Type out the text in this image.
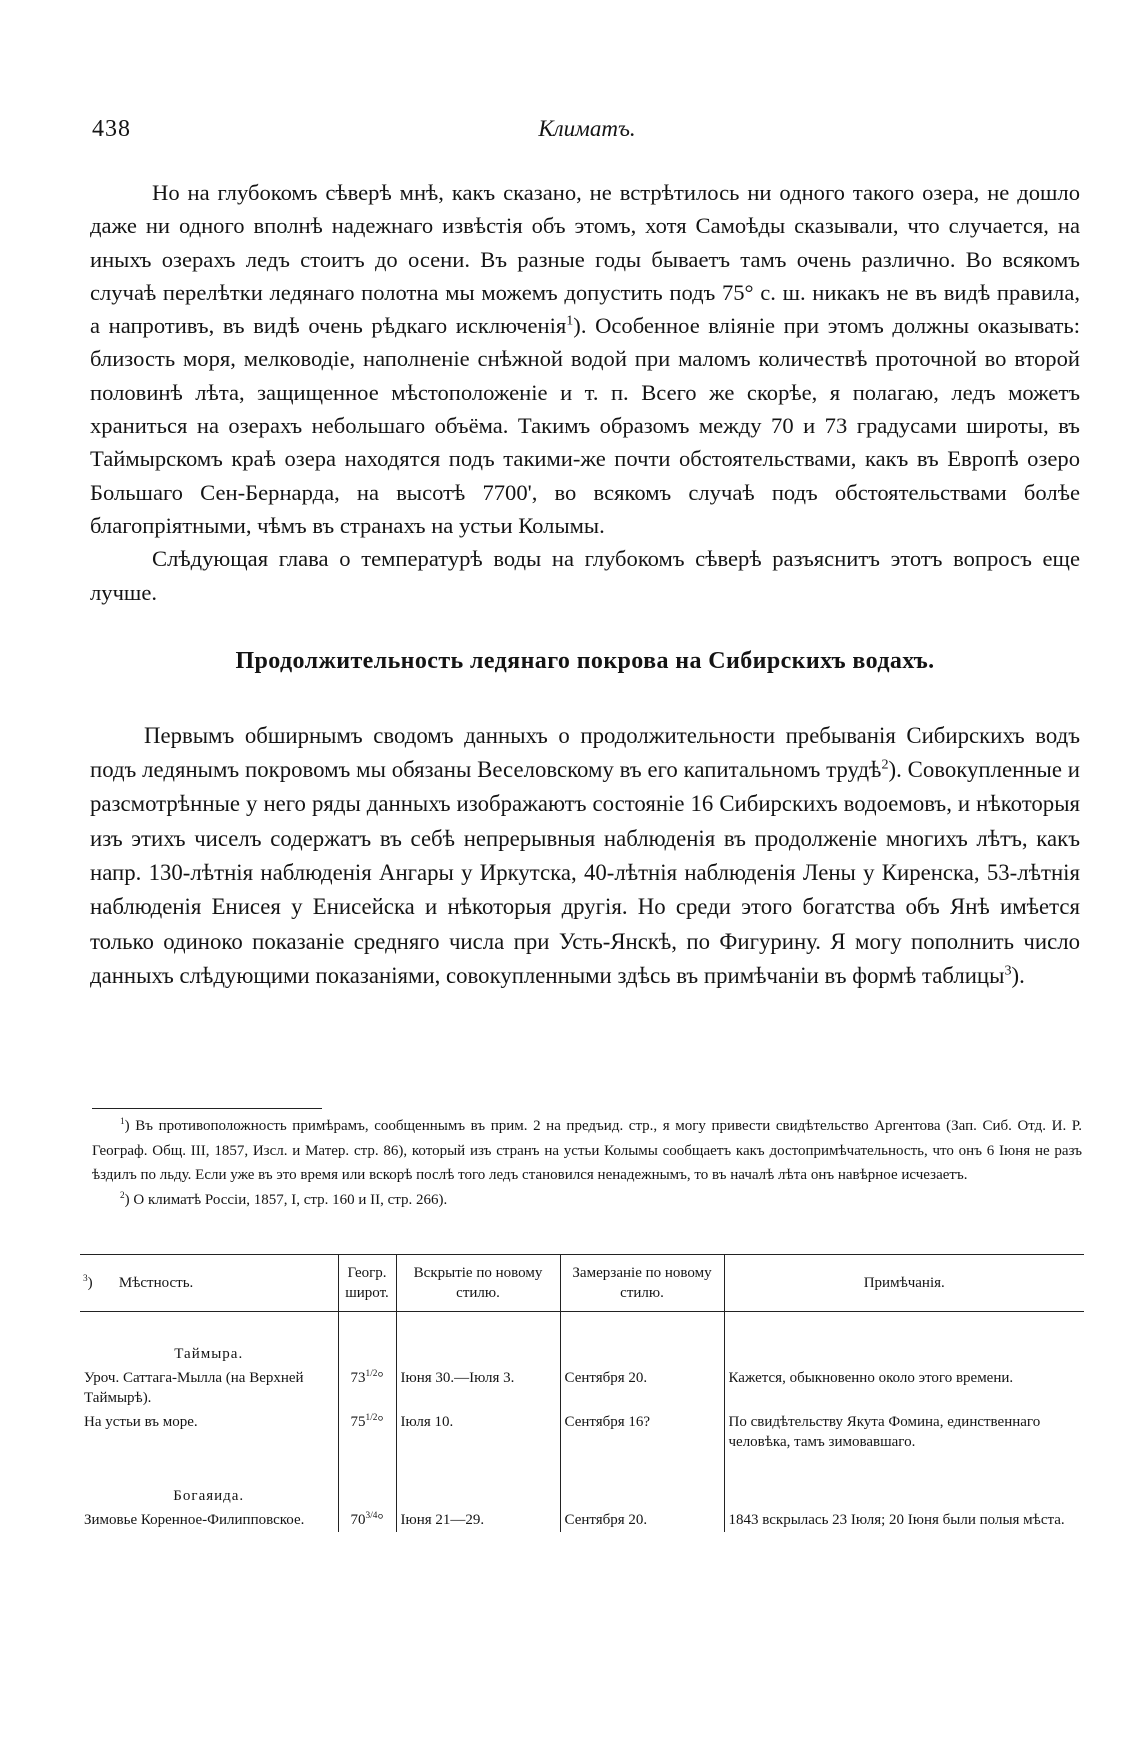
438	Климатъ.

Но на глубокомъ сѣверѣ мнѣ, какъ сказано, не встрѣтилось ни одного такого озера, не дошло даже ни одного вполнѣ надежнаго извѣстія объ этомъ, хотя Самоѣды сказывали, что случается, на иныхъ озерахъ ледъ стоитъ до осени. Въ разные годы бываетъ тамъ очень различно. Во всякомъ случаѣ перелѣтки ледянаго полотна мы можемъ допустить подъ 75° с. ш. никакъ не въ видѣ правила, а напротивъ, въ видѣ очень рѣдкаго исключенія$^1$). Особенное вліяніе при этомъ должны оказывать: близость моря, мелководіе, наполненіе снѣжной водой при маломъ количествѣ проточной во второй половинѣ лѣта, защищенное мѣстоположеніе и т. п. Всего же скорѣе, я полагаю, ледъ можетъ храниться на озерахъ небольшаго объёма. Такимъ образомъ между 70 и 73 градусами широты, въ Таймырскомъ краѣ озера находятся подъ такими-же почти обстоятельствами, какъ въ Европѣ озеро Большаго Сен-Бернарда, на высотѣ 7700', во всякомъ случаѣ подъ обстоятельствами болѣе благопріятными, чѣмъ въ странахъ на устьи Колымы.

Слѣдующая глава о температурѣ воды на глубокомъ сѣверѣ разъяснитъ этотъ вопросъ еще лучше.

Продолжительность ледянаго покрова на Сибирскихъ водахъ.

Первымъ обширнымъ сводомъ данныхъ о продолжительности пребыванія Сибирскихъ водъ подъ ледянымъ покровомъ мы обязаны Веселовскому въ его капитальномъ трудѣ$^2$). Совокупленные и разсмотрѣнные у него ряды данныхъ изображаютъ состояніе 16 Сибирскихъ водоемовъ, и нѣкоторыя изъ этихъ чиселъ содержатъ въ себѣ непрерывныя наблюденія въ продолженіе многихъ лѣтъ, какъ напр. 130-лѣтнія наблюденія Ангары у Иркутска, 40-лѣтнія наблюденія Лены у Киренска, 53-лѣтнія наблюденія Енисея у Енисейска и нѣкоторыя другія. Но среди этого богатства объ Янѣ имѣется только одиноко показаніе средняго числа при Усть-Янскѣ, по Фигурину. Я могу пополнить число данныхъ слѣдующими показаніями, совокупленными здѣсь въ примѣчаніи въ формѣ таблицы$^3$).

$^1$) Въ противоположность примѣрамъ, сообщеннымъ въ прим. 2 на предъид. стр., я могу привести свидѣтельство Аргентова (Зап. Сиб. Отд. И. Р. Географ. Общ. III, 1857, Изсл. и Матер. стр. 86), который изъ странъ на устьи Колымы сообщаетъ какъ достопримѣчательность, что онъ 6 Іюня не разъ ѣздилъ по льду. Если уже въ это время или вскорѣ послѣ того ледъ становился ненадежнымъ, то въ началѣ лѣта онъ навѣрное исчезаетъ.

$^2$) О климатѣ Россіи, 1857, I, стр. 160 и II, стр. 266).

$^3$)       Мѣстность.	Геогр. широт.	Вскрытіе по новому стилю.	Замерзаніе по новому стилю.	Примѣчанія.

Таймыра.				
Уроч. Саттага-Мылла (на Верхней Таймырѣ).	$73^{1/2}^\circ$	Іюня 30.—Іюля 3.	Сентября 20.	Кажется, обыкновенно около этого времени.
На устьи въ море.	$75^{1/2}^\circ$	Іюля 10.	Сентября 16?	По свидѣтельству Якута Фомина, единственнаго человѣка, тамъ зимовавшаго.

Богаяида.				
Зимовье Коренное-Филипповское.	$70^{3/4}^\circ$	Іюня 21—29.	Сентября 20.	1843 вскрылась 23 Іюля; 20 Іюня были полыя мѣста.
